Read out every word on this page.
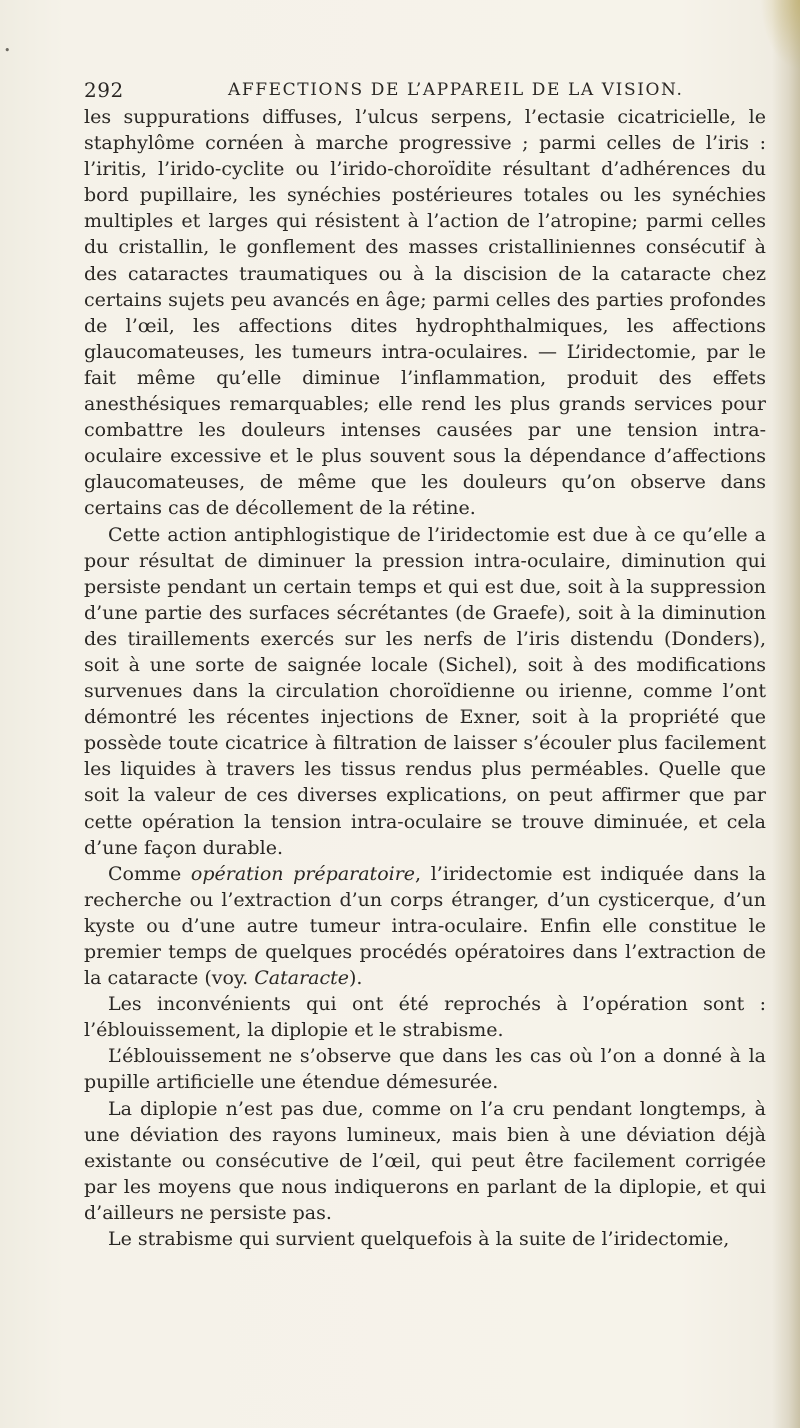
•
292	AFFECTIONS DE L’APPAREIL DE LA VISION.

les suppurations diffuses, l’ulcus serpens, l’ectasie cicatricielle, le staphylôme cornéen à marche progressive ; parmi celles de l’iris : l’iritis, l’irido-cyclite ou l’irido-choroïdite résultant d’adhérences du bord pupillaire, les synéchies postérieures totales ou les synéchies multiples et larges qui résistent à l’action de l’atropine; parmi celles du cristallin, le gonflement des masses cristalliniennes consécutif à des cataractes traumatiques ou à la discision de la cataracte chez certains sujets peu avancés en âge; parmi celles des parties profondes de l’œil, les affections dites hydrophthalmiques, les affections glaucomateuses, les tumeurs intra-oculaires. — L’iridectomie, par le fait même qu’elle diminue l’inflammation, produit des effets anesthésiques remarquables; elle rend les plus grands services pour combattre les douleurs intenses causées par une tension intra-oculaire excessive et le plus souvent sous la dépendance d’affections glaucomateuses, de même que les douleurs qu’on observe dans certains cas de décollement de la rétine.

Cette action antiphlogistique de l’iridectomie est due à ce qu’elle a pour résultat de diminuer la pression intra-oculaire, diminution qui persiste pendant un certain temps et qui est due, soit à la suppression d’une partie des surfaces sécrétantes (de Graefe), soit à la diminution des tiraillements exercés sur les nerfs de l’iris distendu (Donders), soit à une sorte de saignée locale (Sichel), soit à des modifications survenues dans la circulation choroïdienne ou irienne, comme l’ont démontré les récentes injections de Exner, soit à la propriété que possède toute cicatrice à filtration de laisser s’écouler plus facilement les liquides à travers les tissus rendus plus perméables. Quelle que soit la valeur de ces diverses explications, on peut affirmer que par cette opération la tension intra-oculaire se trouve diminuée, et cela d’une façon durable.

Comme opération préparatoire, l’iridectomie est indiquée dans la recherche ou l’extraction d’un corps étranger, d’un cysticerque, d’un kyste ou d’une autre tumeur intra-oculaire. Enfin elle constitue le premier temps de quelques procédés opératoires dans l’extraction de la cataracte (voy. Cataracte).

Les inconvénients qui ont été reprochés à l’opération sont : l’éblouissement, la diplopie et le strabisme.

L’éblouissement ne s’observe que dans les cas où l’on a donné à la pupille artificielle une étendue démesurée.

La diplopie n’est pas due, comme on l’a cru pendant longtemps, à une déviation des rayons lumineux, mais bien à une déviation déjà existante ou consécutive de l’œil, qui peut être facilement corrigée par les moyens que nous indiquerons en parlant de la diplopie, et qui d’ailleurs ne persiste pas.

Le strabisme qui survient quelquefois à la suite de l’iridectomie,
